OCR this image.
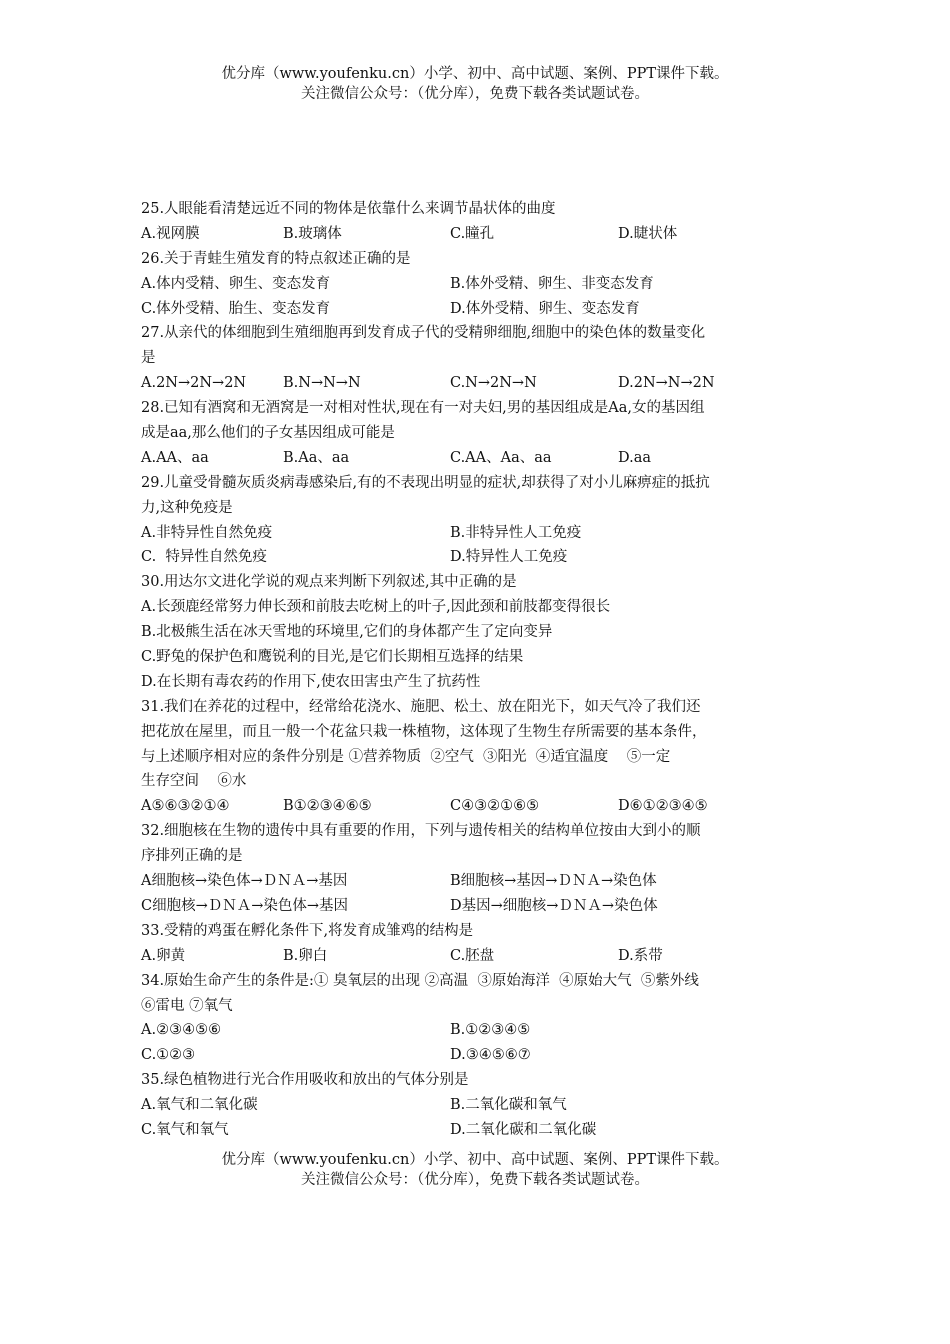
优分库（www.youfenku.cn）小学、初中、高中试题、案例、PPT课件下载。
关注微信公众号：（优分库），免费下载各类试题试卷。
25.人眼能看清楚远近不同的物体是依靠什么来调节晶状体的曲度
A.视网膜	B.玻璃体	C.瞳孔	D.睫状体
26.关于青蛙生殖发育的特点叙述正确的是
A.体内受精、卵生、变态发育	B.体外受精、卵生、非变态发育
C.体外受精、胎生、变态发育	D.体外受精、卵生、变态发育
27.从亲代的体细胞到生殖细胞再到发育成子代的受精卵细胞,细胞中的染色体的数量变化
是
A.2N→2N→2N	B.N→N→N	C.N→2N→N	D.2N→N→2N
28.已知有酒窝和无酒窝是一对相对性状,现在有一对夫妇,男的基因组成是Aa,女的基因组
成是aa,那么他们的子女基因组成可能是
A.AA、aa	B.Aa、aa	C.AA、Aa、aa	D.aa
29.儿童受骨髓灰质炎病毒感染后,有的不表现出明显的症状,却获得了对小儿麻痹症的抵抗
力,这种免疫是
A.非特异性自然免疫	B.非特异性人工免疫
C.  特异性自然免疫	D.特异性人工免疫
30.用达尔文进化学说的观点来判断下列叙述,其中正确的是
A.长颈鹿经常努力伸长颈和前肢去吃树上的叶子,因此颈和前肢都变得很长
B.北极熊生活在冰天雪地的环境里,它们的身体都产生了定向变异
C.野兔的保护色和鹰锐利的目光,是它们长期相互选择的结果
D.在长期有毒农药的作用下,使农田害虫产生了抗药性
31.我们在养花的过程中，经常给花浇水、施肥、松土、放在阳光下，如天气冷了我们还
把花放在屋里，而且一般一个花盆只栽一株植物，这体现了生物生存所需要的基本条件，
与上述顺序相对应的条件分别是 ①营养物质  ②空气  ③阳光  ④适宜温度    ⑤一定
生存空间    ⑥水
A⑤⑥③②①④	B①②③④⑥⑤	C④③②①⑥⑤	D⑥①②③④⑤
32.细胞核在生物的遗传中具有重要的作用，下列与遗传相关的结构单位按由大到小的顺
序排列正确的是
A细胞核→染色体→ＤＮＡ→基因	B细胞核→基因→ＤＮＡ→染色体
C细胞核→ＤＮＡ→染色体→基因	D基因→细胞核→ＤＮＡ→染色体
33.受精的鸡蛋在孵化条件下,将发育成雏鸡的结构是
A.卵黄	B.卵白	C.胚盘	D.系带
34.原始生命产生的条件是:① 臭氧层的出现 ②高温  ③原始海洋  ④原始大气  ⑤紫外线
⑥雷电 ⑦氧气
A.②③④⑤⑥	B.①②③④⑤
C.①②③	D.③④⑤⑥⑦
35.绿色植物进行光合作用吸收和放出的气体分别是
A.氧气和二氧化碳	B.二氧化碳和氧气
C.氧气和氧气	D.二氧化碳和二氧化碳
优分库（www.youfenku.cn）小学、初中、高中试题、案例、PPT课件下载。
关注微信公众号：（优分库），免费下载各类试题试卷。
